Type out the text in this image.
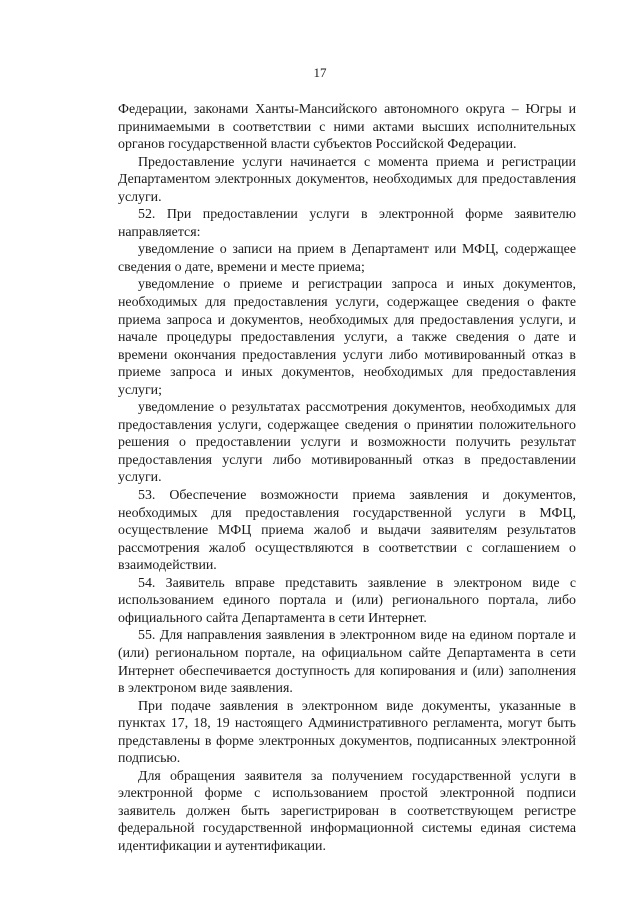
17

Федерации, законами Ханты-Мансийского автономного округа – Югры и принимаемыми в соответствии с ними актами высших исполнительных органов государственной власти субъектов Российской Федерации.

Предоставление услуги начинается с момента приема и регистрации Департаментом электронных документов, необходимых для предоставления услуги.

52. При предоставлении услуги в электронной форме заявителю направляется:

уведомление о записи на прием в Департамент или МФЦ, содержащее сведения о дате, времени и месте приема;

уведомление о приеме и регистрации запроса и иных документов, необходимых для предоставления услуги, содержащее сведения о факте приема запроса и документов, необходимых для предоставления услуги, и начале процедуры предоставления услуги, а также сведения о дате и времени окончания предоставления услуги либо мотивированный отказ в приеме запроса и иных документов, необходимых для предоставления услуги;

уведомление о результатах рассмотрения документов, необходимых для предоставления услуги, содержащее сведения о принятии положительного решения о предоставлении услуги и возможности получить результат предоставления услуги либо мотивированный отказ в предоставлении услуги.

53. Обеспечение возможности приема заявления и документов, необходимых для предоставления государственной услуги в МФЦ, осуществление МФЦ приема жалоб и выдачи заявителям результатов рассмотрения жалоб осуществляются в соответствии с соглашением о взаимодействии.

54. Заявитель вправе представить заявление в электроном виде с использованием единого портала и (или) регионального портала, либо официального сайта Департамента в сети Интернет.

55. Для направления заявления в электронном виде на едином портале и (или) региональном портале, на официальном сайте Департамента в сети Интернет обеспечивается доступность для копирования и (или) заполнения в электроном виде заявления.

При подаче заявления в электронном виде документы, указанные в пунктах 17, 18, 19 настоящего Административного регламента, могут быть представлены в форме электронных документов, подписанных электронной подписью.

Для обращения заявителя за получением государственной услуги в электронной форме с использованием простой электронной подписи заявитель должен быть зарегистрирован в соответствующем регистре федеральной государственной информационной системы единая система идентификации и аутентификации.
